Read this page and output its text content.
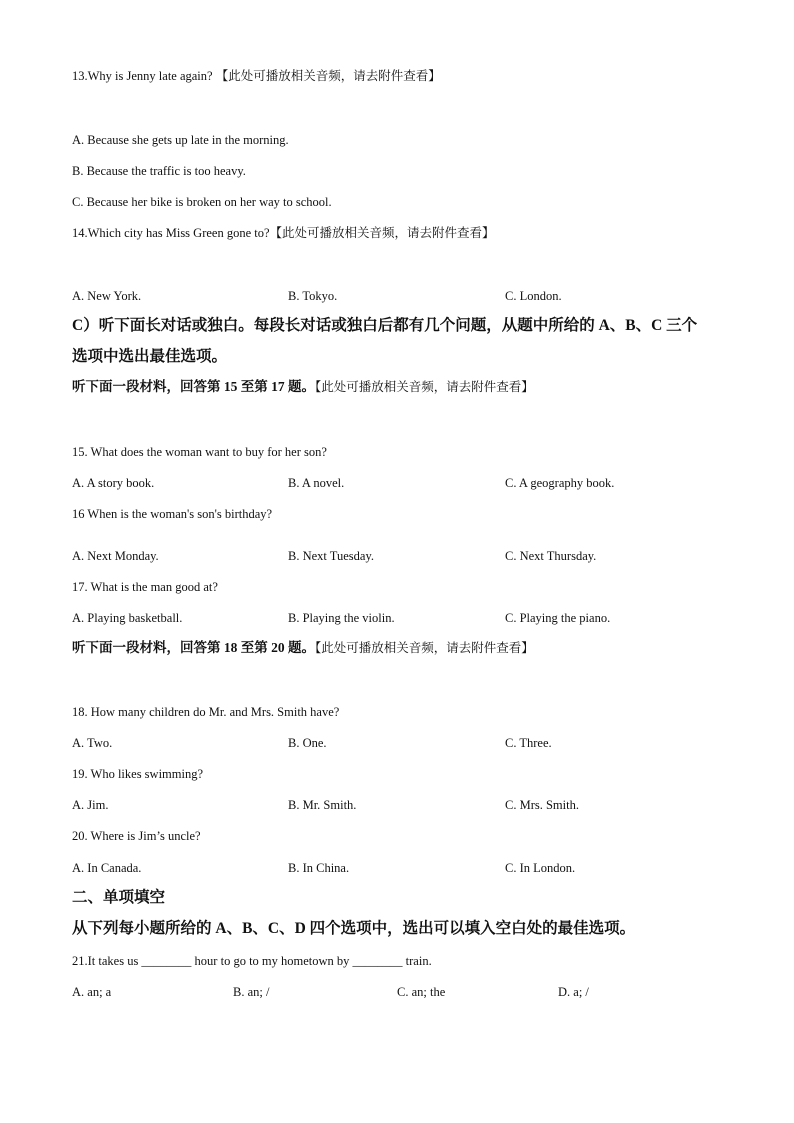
13.Why is Jenny late again? 【此处可播放相关音频，请去附件查看】
A. Because she gets up late in the morning.
B. Because the traffic is too heavy.
C. Because her bike is broken on her way to school.
14.Which city has Miss Green gone to?【此处可播放相关音频，请去附件查看】
A. New York.	B. Tokyo.	C. London.
C）听下面长对话或独白。每段长对话或独白后都有几个问题，从题中所给的 A、B、C 三个
选项中选出最佳选项。
听下面一段材料，回答第 15 至第 17 题。【此处可播放相关音频，请去附件查看】
15. What does the woman want to buy for her son?
A. A story book.	B. A novel.	C. A geography book.
16 When is the woman's son's birthday?
A. Next Monday.	B. Next Tuesday.	C. Next Thursday.
17. What is the man good at?
A. Playing basketball.	B. Playing the violin.	C. Playing the piano.
听下面一段材料，回答第 18 至第 20 题。【此处可播放相关音频，请去附件查看】
18. How many children do Mr. and Mrs. Smith have?
A. Two.	B. One.	C. Three.
19. Who likes swimming?
A. Jim.	B. Mr. Smith.	C. Mrs. Smith.
20. Where is Jim’s uncle?
A. In Canada.	B. In China.	C. In London.
二、单项填空
从下列每小题所给的 A、B、C、D 四个选项中，选出可以填入空白处的最佳选项。
21.It takes us ________ hour to go to my hometown by ________ train.
A. an; a	B. an; /	C. an; the	D. a; /
